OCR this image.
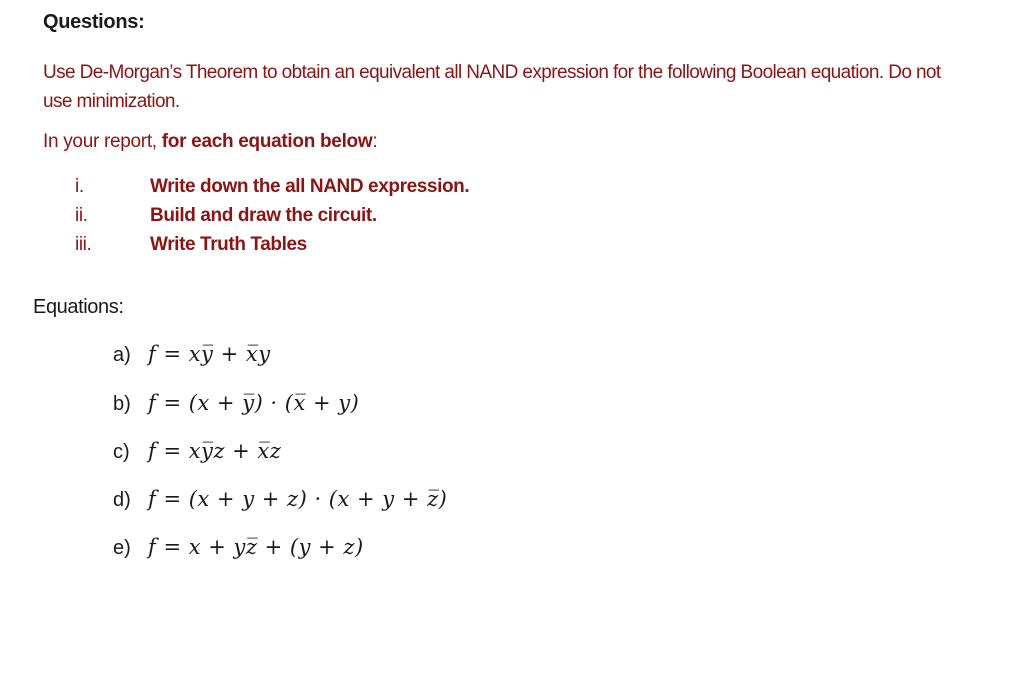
Questions:
Use De-Morgan’s Theorem to obtain an equivalent all NAND expression for the following Boolean equation. Do not use minimization.
In your report, for each equation below:
i.	Write down the all NAND expression.
ii.	Build and draw the circuit.
iii.	Write Truth Tables
Equations:
a) f = xy̅ + x̅y
b) f = (x + y̅) · (x̅ + y)
c) f = xy̅z + x̅z
d) f = (x + y + z) · (x + y + z̅)
e) f = x + yz̅ + (y + z)
